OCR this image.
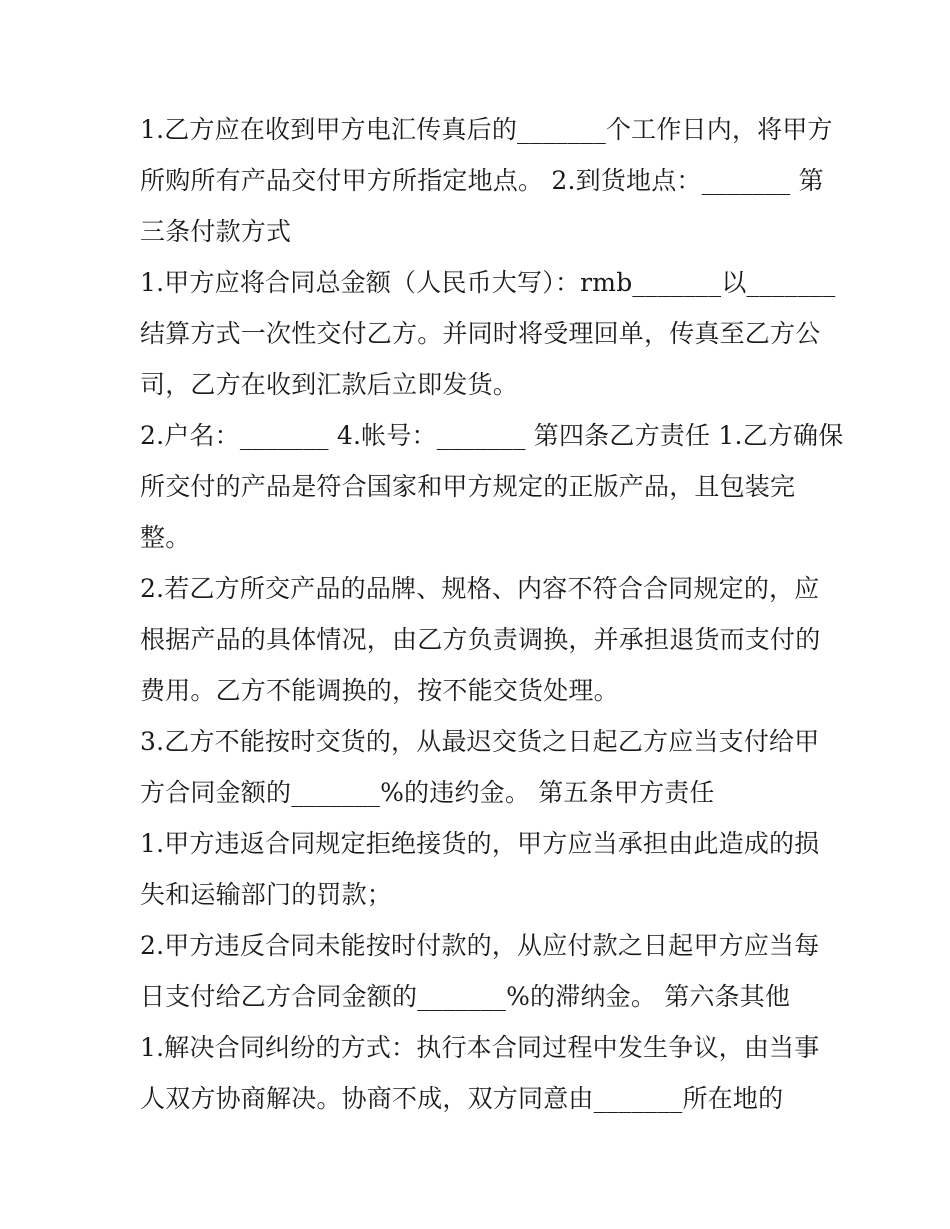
1.乙方应在收到甲方电汇传真后的_______个工作日内，将甲方
所购所有产品交付甲方所指定地点。 2.到货地点：_______ 第
三条付款方式
1.甲方应将合同总金额（人民币大写）：rmb_______以_______
结算方式一次性交付乙方。并同时将受理回单，传真至乙方公
司，乙方在收到汇款后立即发货。
2.户名：_______ 4.帐号：_______ 第四条乙方责任 1.乙方确保
所交付的产品是符合国家和甲方规定的正版产品，且包装完
整。
2.若乙方所交产品的品牌、规格、内容不符合合同规定的，应
根据产品的具体情况，由乙方负责调换，并承担退货而支付的
费用。乙方不能调换的，按不能交货处理。
3.乙方不能按时交货的，从最迟交货之日起乙方应当支付给甲
方合同金额的_______%的违约金。 第五条甲方责任
1.甲方违返合同规定拒绝接货的，甲方应当承担由此造成的损
失和运输部门的罚款；
2.甲方违反合同未能按时付款的，从应付款之日起甲方应当每
日支付给乙方合同金额的_______%的滞纳金。 第六条其他
1.解决合同纠纷的方式：执行本合同过程中发生争议，由当事
人双方协商解决。协商不成，双方同意由_______所在地的
